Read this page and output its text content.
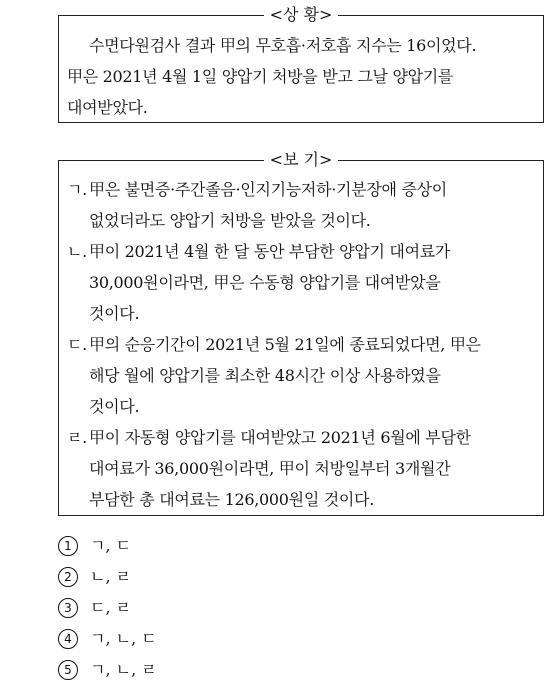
<상 황>

수면다원검사 결과 甲의 무호흡·저호흡 지수는 16이었다.

甲은 2021년 4월 1일 양압기 처방을 받고 그날 양압기를

대여받았다.

<보 기>
ㄱ. 甲은 불면증·주간졸음·인지기능저하·기분장애 증상이
없었더라도 양압기 처방을 받았을 것이다.
ㄴ. 甲이 2021년 4월 한 달 동안 부담한 양압기 대여료가
30,000원이라면, 甲은 수동형 양압기를 대여받았을
것이다.
ㄷ. 甲의 순응기간이 2021년 5월 21일에 종료되었다면, 甲은
해당 월에 양압기를 최소한 48시간 이상 사용하였을
것이다.
ㄹ. 甲이 자동형 양압기를 대여받았고 2021년 6월에 부담한
대여료가 36,000원이라면, 甲이 처방일부터 3개월간
부담한 총 대여료는 126,000원일 것이다.
1	ㄱ, ㄷ
2	ㄴ, ㄹ
3	ㄷ, ㄹ
4	ㄱ, ㄴ, ㄷ
5	ㄱ, ㄴ, ㄹ
